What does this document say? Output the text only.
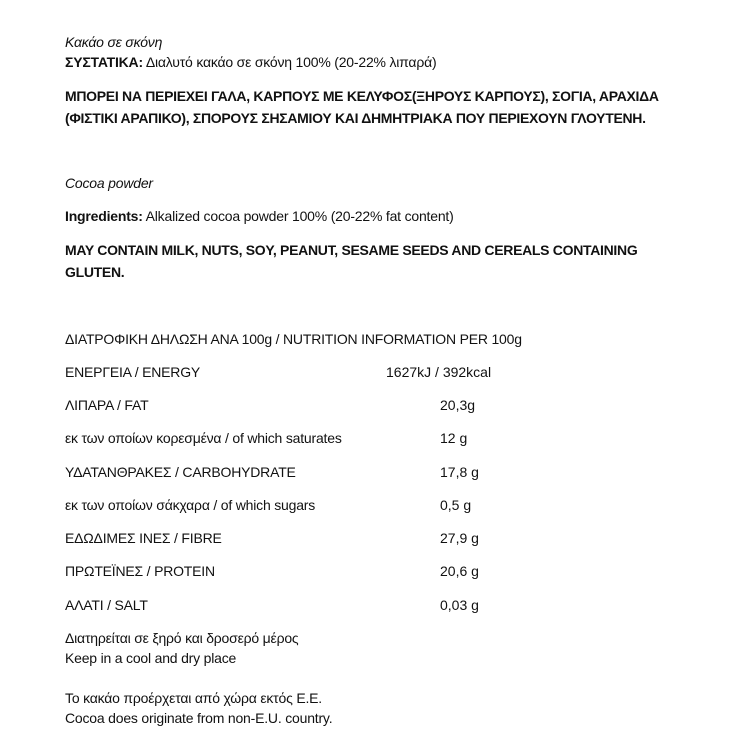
Κακάο σε σκόνη
ΣΥΣΤΑΤΙΚΑ: Διαλυτό κακάο σε σκόνη 100% (20-22% λιπαρά)
ΜΠΟΡΕΙ ΝΑ ΠΕΡΙΕΧΕΙ ΓΑΛΑ, ΚΑΡΠΟΥΣ ΜΕ ΚΕΛΥΦΟΣ(ΞΗΡΟΥΣ ΚΑΡΠΟΥΣ), ΣΟΓΙΑ, ΑΡΑΧΙΔΑ
(ΦΙΣΤΙΚΙ ΑΡΑΠΙΚΟ), ΣΠΟΡΟΥΣ ΣΗΣΑΜΙΟΥ ΚΑΙ ΔΗΜΗΤΡΙΑΚΑ ΠΟΥ ΠΕΡΙΕΧΟΥΝ ΓΛΟΥΤΕΝΗ.
Cocoa powder
Ingredients: Alkalized cocoa powder 100% (20-22% fat content)
MAY CONTAIN MILK, NUTS, SOY, PEANUT, SESAME SEEDS AND CEREALS CONTAINING
GLUTEN.
ΔΙΑΤΡΟΦΙΚΗ ΔΗΛΩΣΗ ΑΝΑ 100g / NUTRITION INFORMATION PER 100g
ΕΝΕΡΓΕΙΑ / ENERGY	1627kJ / 392kcal
ΛΙΠΑΡΑ / FAT	20,3g
εκ των οποίων κορεσμένα / of which saturates	12 g
ΥΔΑΤΑΝΘΡΑΚΕΣ / CARBOHYDRATE	17,8 g
εκ των οποίων σάκχαρα / of which sugars	0,5 g
ΕΔΩΔΙΜΕΣ ΙΝΕΣ / FIBRE	27,9 g
ΠΡΩΤΕΪΝΕΣ / PROTEIN	20,6 g
ΑΛΑΤΙ / SALT	0,03 g
Διατηρείται σε ξηρό και δροσερό μέρος
Keep in a cool and dry place
Το κακάο προέρχεται από χώρα εκτός Ε.Ε.
Cocoa does originate from non-E.U. country.
